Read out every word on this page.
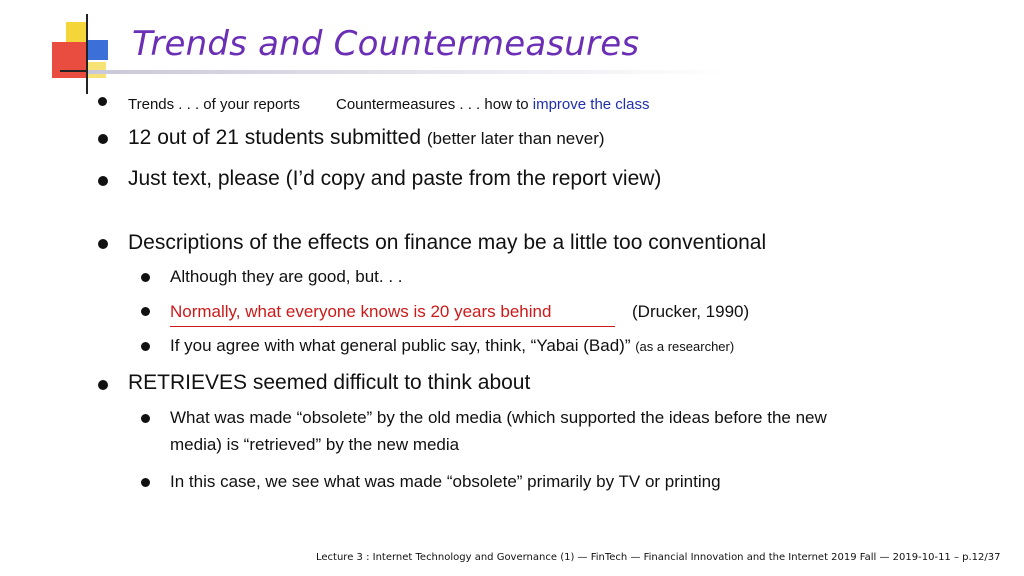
Trends and Countermeasures
Trends . . . of your reports Countermeasures . . . how to improve the class
12 out of 21 students submitted (better later than never)
Just text, please (I’d copy and paste from the report view)
Descriptions of the effects on finance may be a little too conventional
Although they are good, but. . .
Normally, what everyone knows is 20 years behind	(Drucker, 1990)
If you agree with what general public say, think, “Yabai (Bad)” (as a researcher)
RETRIEVES seemed difficult to think about
What was made “obsolete” by the old media (which supported the ideas before the new
media) is “retrieved” by the new media
In this case, we see what was made “obsolete” primarily by TV or printing
Lecture 3 : Internet Technology and Governance (1) — FinTech — Financial Innovation and the Internet 2019 Fall — 2019-10-11 – p.12/37
